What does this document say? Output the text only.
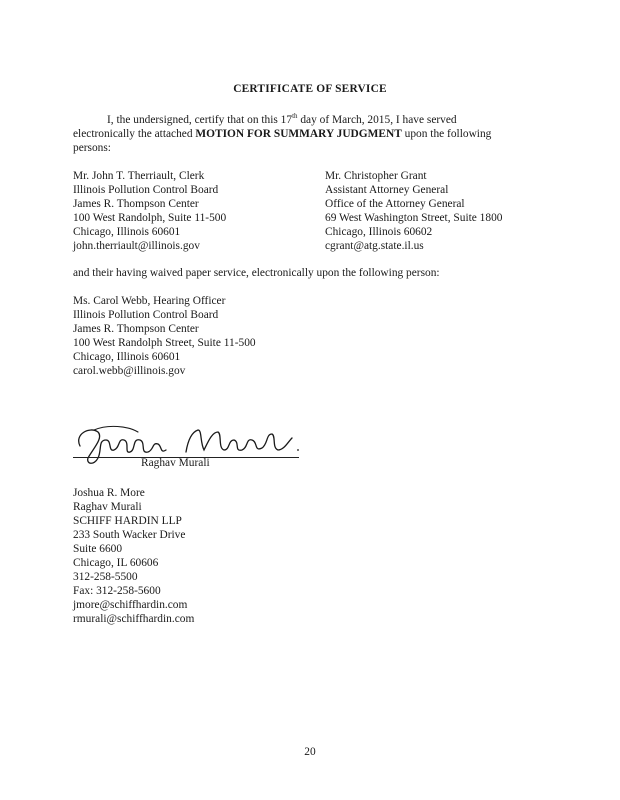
CERTIFICATE OF SERVICE

I, the undersigned, certify that on this 17th day of March, 2015, I have served

electronically the attached MOTION FOR SUMMARY JUDGMENT upon the following

persons:

Mr. John T. Therriault, Clerk
Illinois Pollution Control Board
James R. Thompson Center
100 West Randolph, Suite 11-500
Chicago, Illinois 60601
john.therriault@illinois.gov
Mr. Christopher Grant
Assistant Attorney General
Office of the Attorney General
69 West Washington Street, Suite 1800
Chicago, Illinois 60602
cgrant@atg.state.il.us
and their having waived paper service, electronically upon the following person:
Ms. Carol Webb, Hearing Officer
Illinois Pollution Control Board
James R. Thompson Center
100 West Randolph Street, Suite 11-500
Chicago, Illinois 60601
carol.webb@illinois.gov
Raghav Murali
Joshua R. More
Raghav Murali
SCHIFF HARDIN LLP
233 South Wacker Drive
Suite 6600
Chicago, IL 60606
312-258-5500
Fax: 312-258-5600
jmore@schiffhardin.com
rmurali@schiffhardin.com
20
